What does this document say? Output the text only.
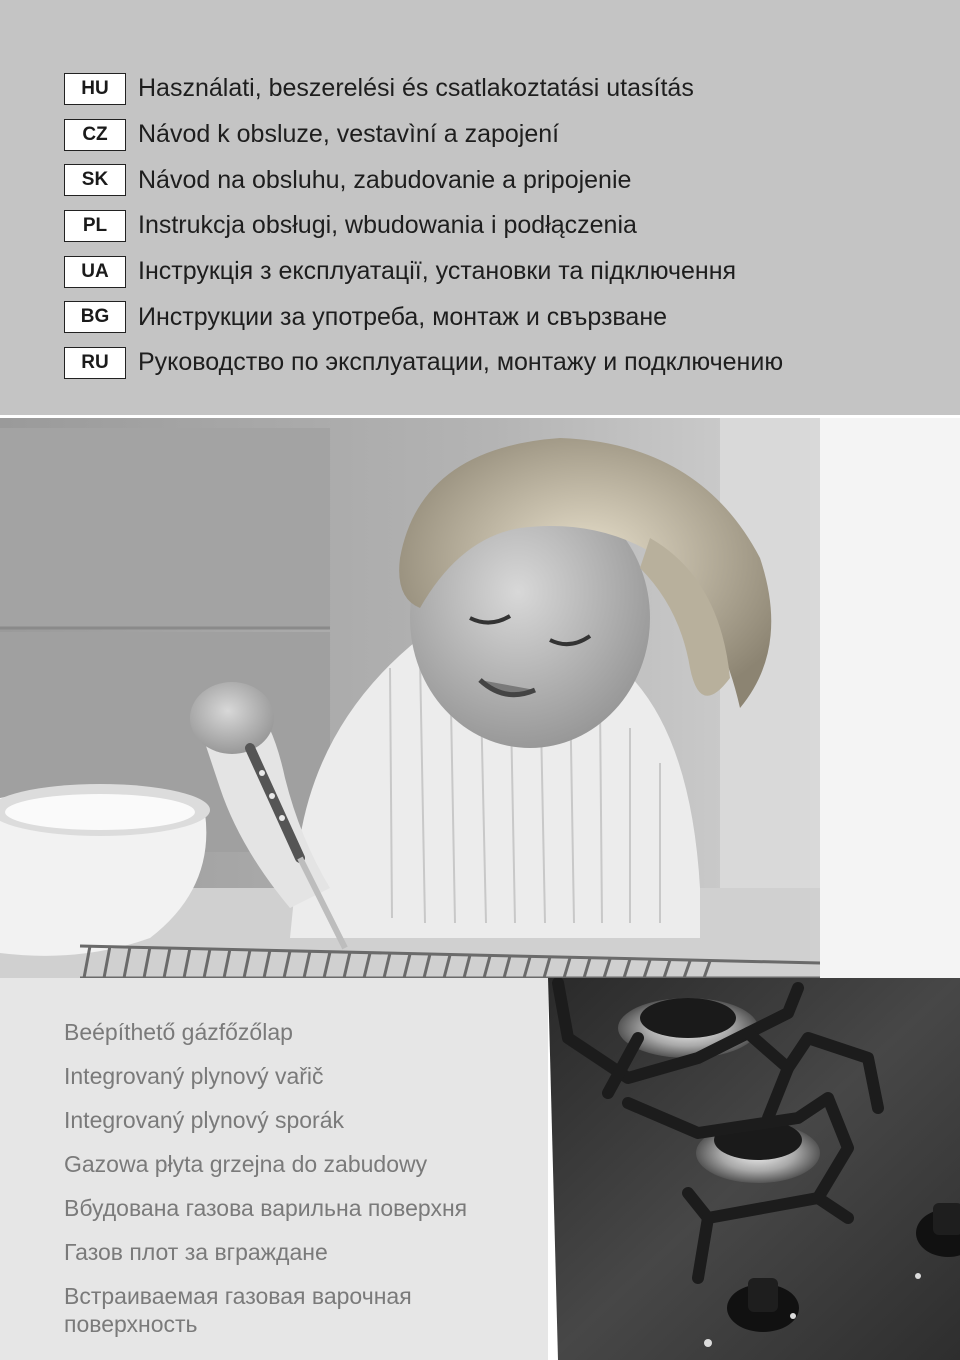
HU	Használati, beszerelési és csatlakoztatási utasítás
CZ	Návod k obsluze, vestavìní a zapojení
SK	Návod na obsluhu, zabudovanie a pripojenie
PL	Instrukcja obsługi, wbudowania i podłączenia
UA	Інструкція з експлуатації, установки та підключення
BG	Инструкции за употреба, монтаж и свързване
RU	Руководство по эксплуатации, монтажу и подключению
Beépíthető gázfőzőlap
Integrovaný plynový vařič
Integrovaný plynový sporák
Gazowa płyta grzejna do zabudowy
Вбудована газова варильна поверхня
Газов плот за вграждане
Встраиваемая газовая варочная поверхность
